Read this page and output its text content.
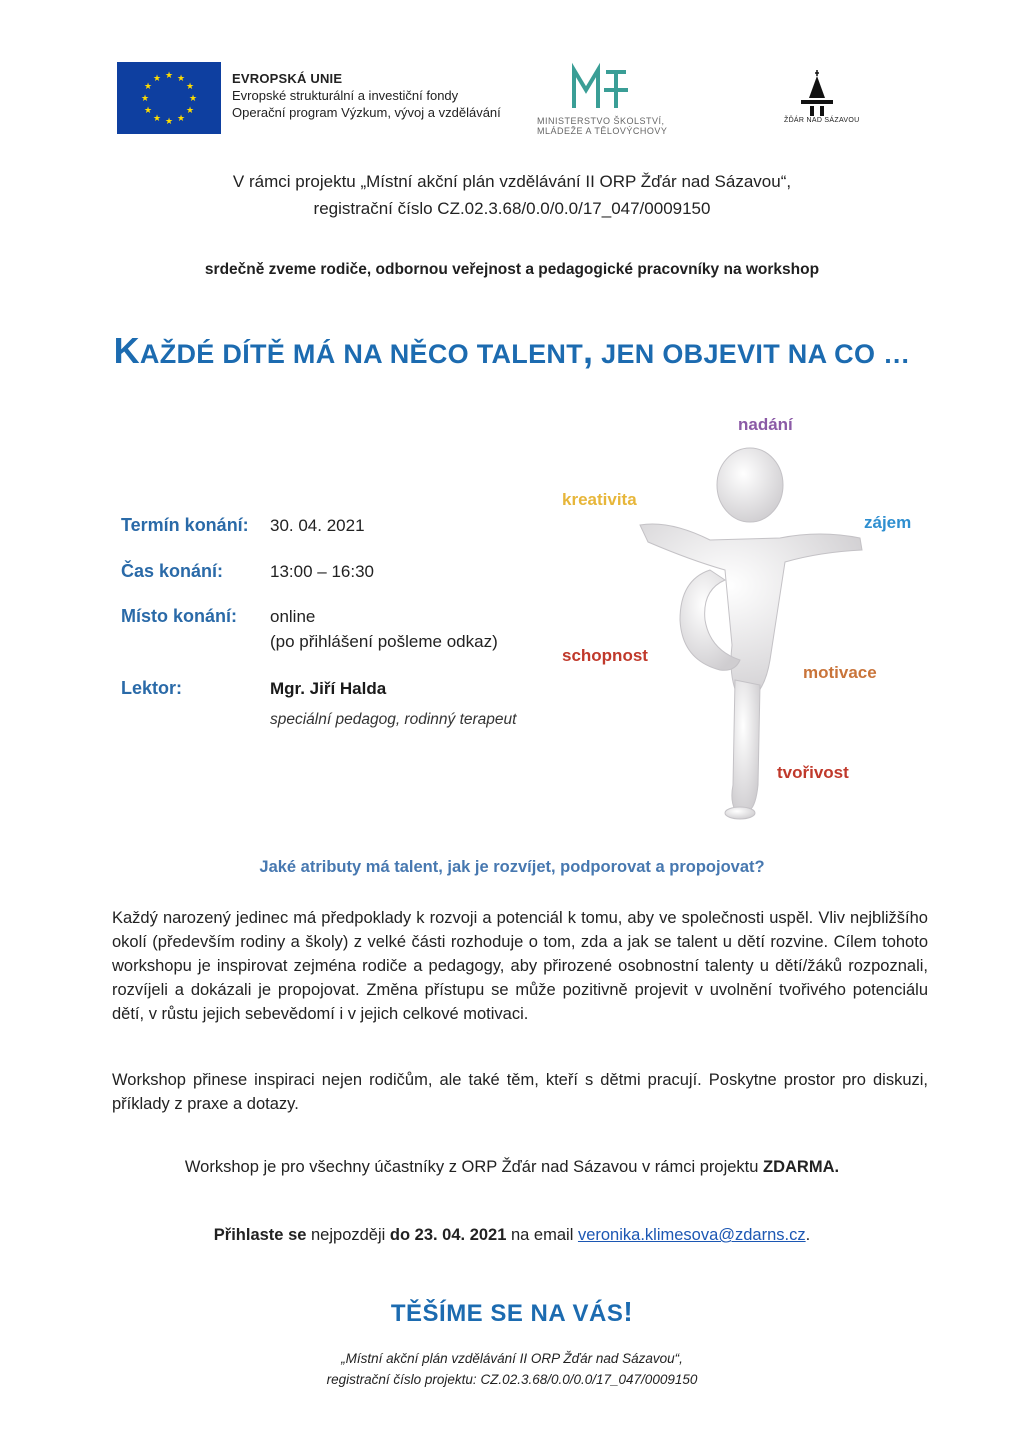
★ ★
★
★
★
★
★
★
★
★
★
★	EVROPSKÁ UNIE
Evropské strukturální a investiční fondy
Operační program Výzkum, vývoj a vzdělávání
MINISTERSTVO ŠKOLSTVÍ,
MLÁDEŽE A TĚLOVÝCHOVY
ŽĎÁR NAD SÁZAVOU
V rámci projektu „Místní akční plán vzdělávání II ORP Žďár nad Sázavou“,
registrační číslo CZ.02.3.68/0.0/0.0/17_047/0009150
srdečně zveme rodiče, odbornou veřejnost a pedagogické pracovníky na workshop
KAŽDÉ DÍTĚ MÁ NA NĚCO TALENT, JEN OBJEVIT NA CO …
Termín konání: 30. 04. 2021
Čas konání:	13:00 – 16:30
Místo konání: online
(po přihlášení pošleme odkaz)
Lektor:	Mgr. Jiří Halda
speciální pedagog, rodinný terapeut
nadání
kreativita
zájem
schopnost
motivace
tvořivost
Jaké atributy má talent, jak je rozvíjet, podporovat a propojovat?
Každý narozený jedinec má předpoklady k rozvoji a potenciál k tomu, aby ve společnosti uspěl. Vliv nejbližšího okolí (především rodiny a školy) z velké části rozhoduje o tom, zda a jak se talent u dětí rozvine. Cílem tohoto workshopu je inspirovat zejména rodiče a pedagogy, aby přirozené osobnostní talenty u dětí/žáků rozpoznali, rozvíjeli a dokázali je propojovat. Změna přístupu se může pozitivně projevit v uvolnění tvořivého potenciálu dětí, v růstu jejich sebevědomí i v jejich celkové motivaci.
Workshop přinese inspiraci nejen rodičům, ale také těm, kteří s dětmi pracují. Poskytne prostor pro diskuzi, příklady z praxe a dotazy.
Workshop je pro všechny účastníky z ORP Žďár nad Sázavou v rámci projektu ZDARMA.
Přihlaste se nejpozději do 23. 04. 2021 na email veronika.klimesova@zdarns.cz.
TĚŠÍME SE NA VÁS!
„Místní akční plán vzdělávání II ORP Žďár nad Sázavou“,
registrační číslo projektu: CZ.02.3.68/0.0/0.0/17_047/0009150
